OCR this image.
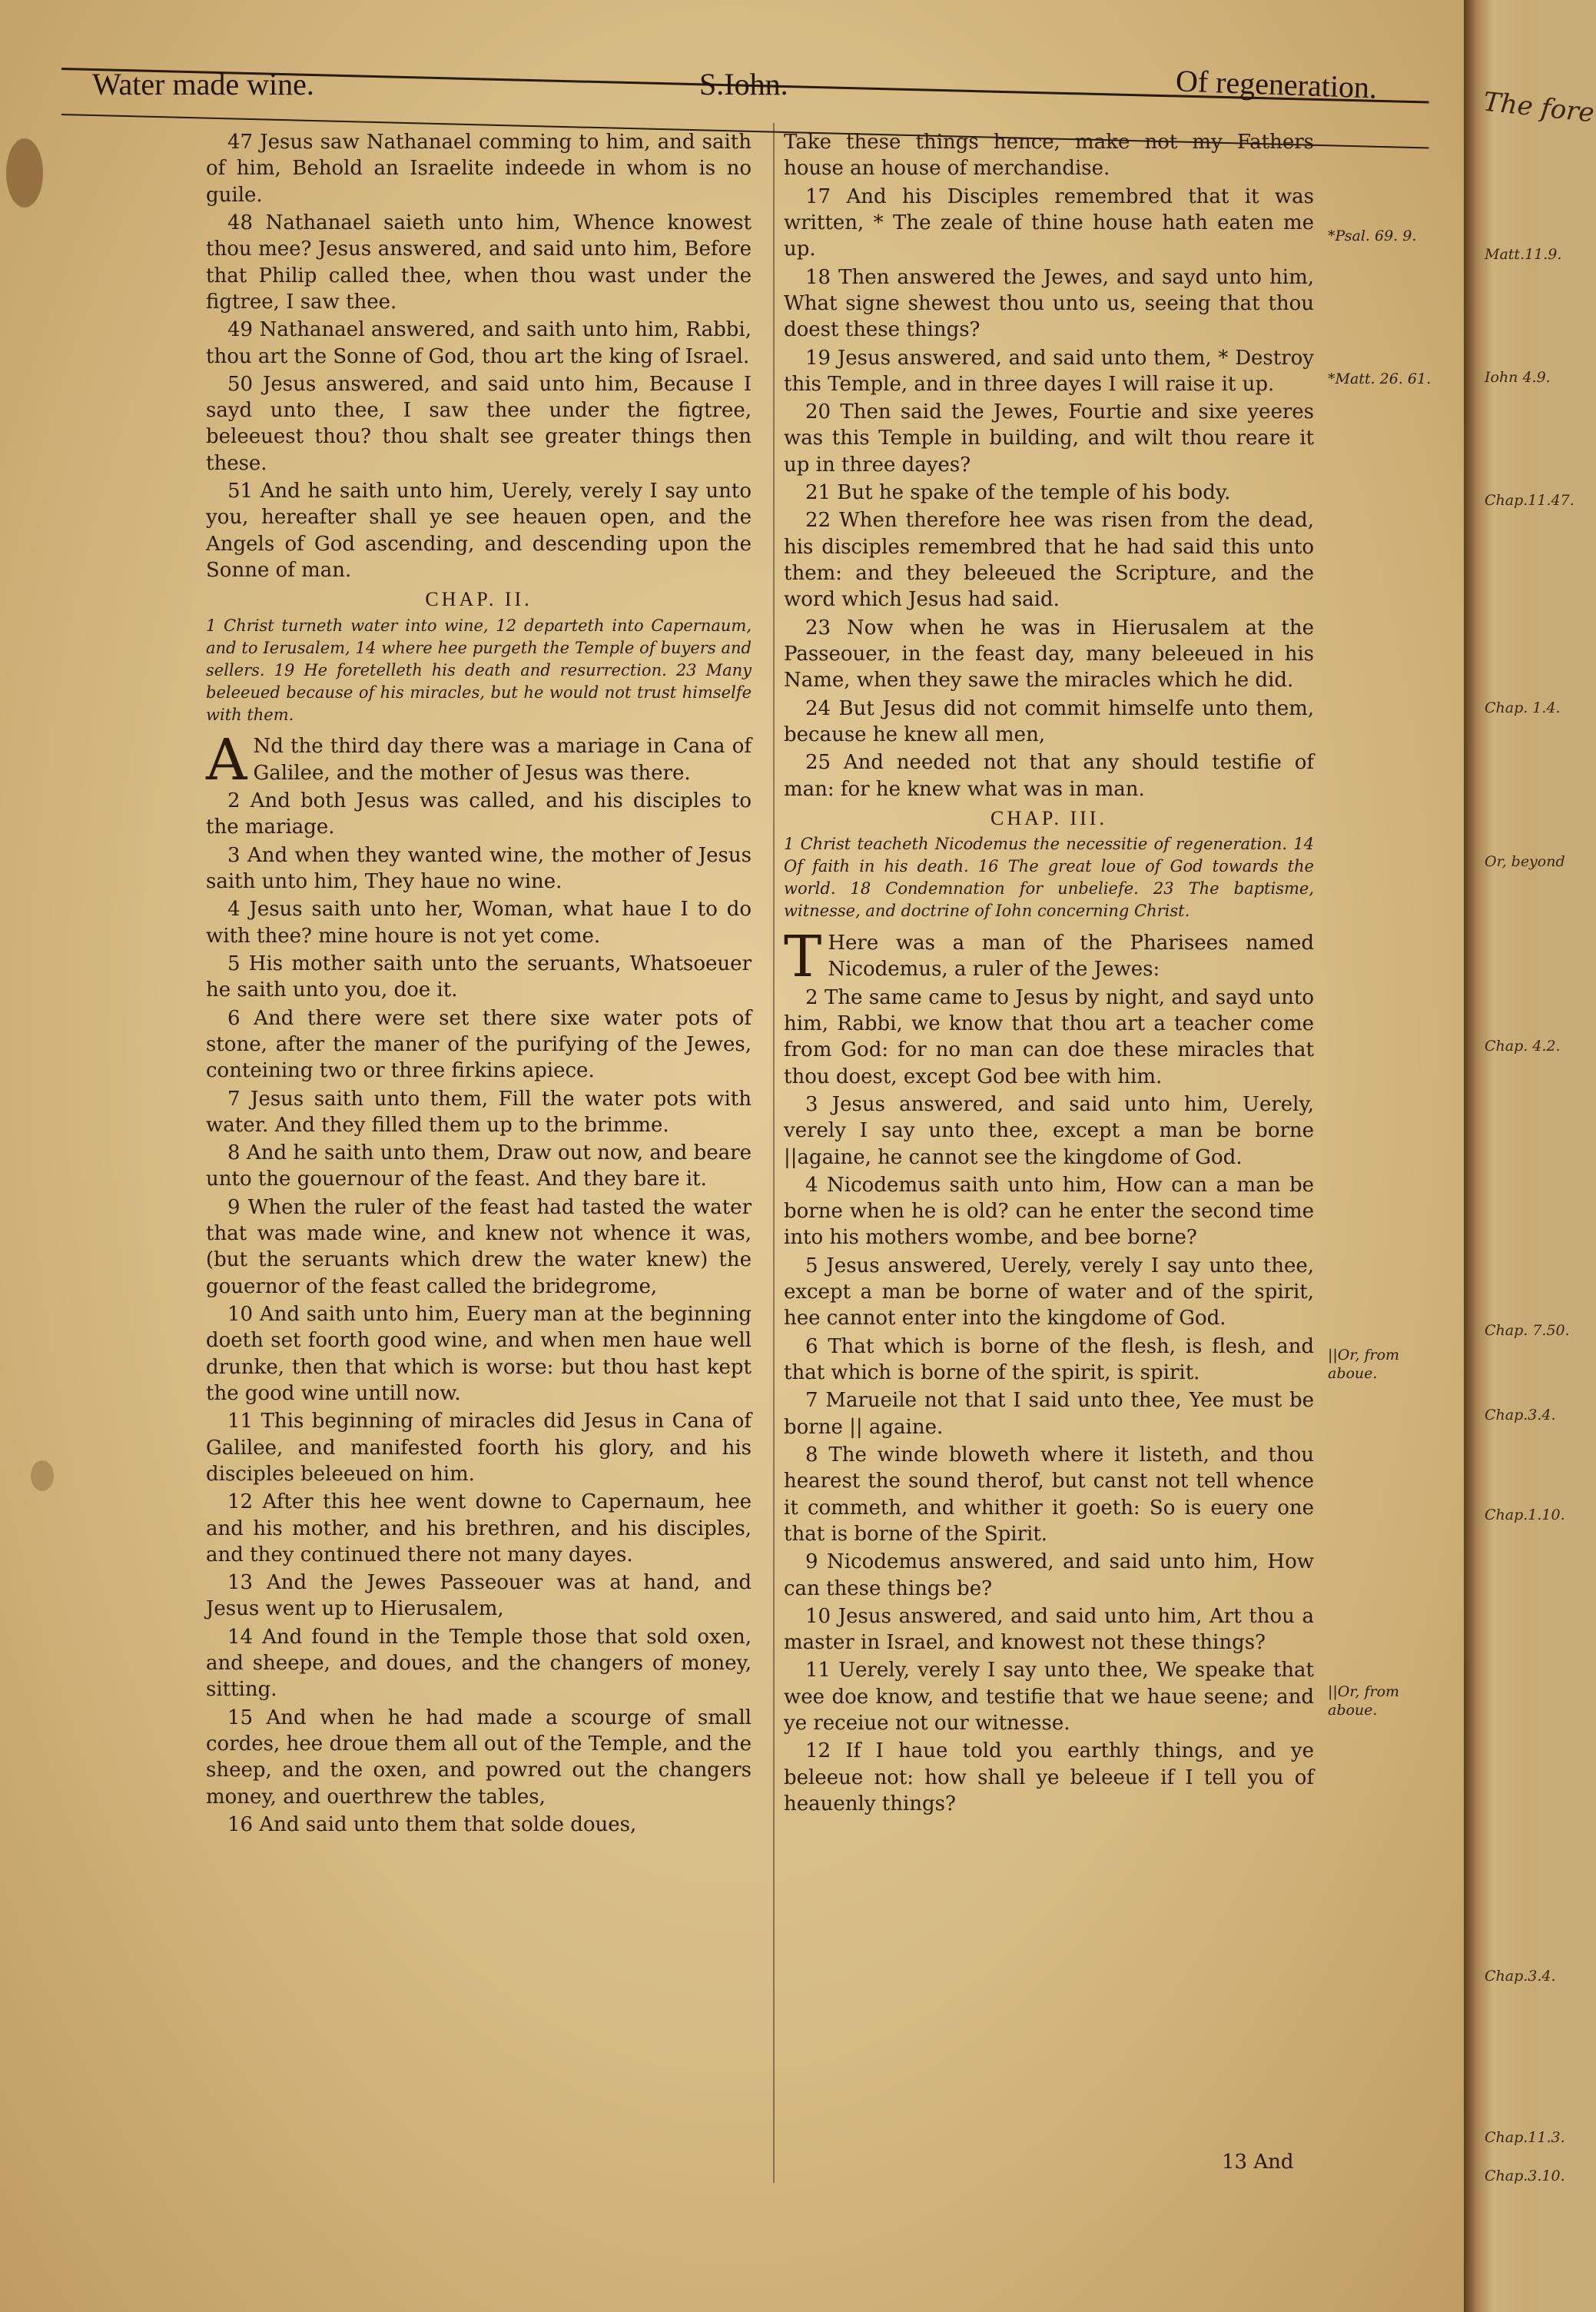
Water made wine.	S.Iohn.	Of regeneration.

47 Jesus saw Nathanael comming to him, and saith of him, Behold an Israelite indeede in whom is no guile.

48 Nathanael saieth unto him, Whence knowest thou mee? Jesus answered, and said unto him, Before that Philip called thee, when thou wast under the figtree, I saw thee.

49 Nathanael answered, and saith unto him, Rabbi, thou art the Sonne of God, thou art the king of Israel.

50 Jesus answered, and said unto him, Because I sayd unto thee, I saw thee under the figtree, beleeuest thou? thou shalt see greater things then these.

51 And he saith unto him, Uerely, verely I say unto you, hereafter shall ye see heauen open, and the Angels of God ascending, and descending upon the Sonne of man.

CHAP. II.
1 Christ turneth water into wine, 12 departeth into Capernaum, and to Ierusalem, 14 where hee purgeth the Temple of buyers and sellers. 19 He foretelleth his death and resurrection. 23 Many beleeued because of his miracles, but he would not trust himselfe with them.

A Nd the third day there was a mariage in Cana of Galilee, and the mother of Jesus was there.

2 And both Jesus was called, and his disciples to the mariage.

3 And when they wanted wine, the mother of Jesus saith unto him, They haue no wine.

4 Jesus saith unto her, Woman, what haue I to do with thee? mine houre is not yet come.

5 His mother saith unto the seruants, Whatsoeuer he saith unto you, doe it.

6 And there were set there sixe water pots of stone, after the maner of the purifying of the Jewes, conteining two or three firkins apiece.

7 Jesus saith unto them, Fill the water pots with water. And they filled them up to the brimme.

8 And he saith unto them, Draw out now, and beare unto the gouernour of the feast. And they bare it.

9 When the ruler of the feast had tasted the water that was made wine, and knew not whence it was, (but the seruants which drew the water knew) the gouernor of the feast called the bridegrome,

10 And saith unto him, Euery man at the beginning doeth set foorth good wine, and when men haue well drunke, then that which is worse: but thou hast kept the good wine untill now.

11 This beginning of miracles did Jesus in Cana of Galilee, and manifested foorth his glory, and his disciples beleeued on him.

12 After this hee went downe to Capernaum, hee and his mother, and his brethren, and his disciples, and they continued there not many dayes.

13 And the Jewes Passeouer was at hand, and Jesus went up to Hierusalem,

14 And found in the Temple those that sold oxen, and sheepe, and doues, and the changers of money, sitting.

15 And when he had made a scourge of small cordes, hee droue them all out of the Temple, and the sheep, and the oxen, and powred out the changers money, and ouerthrew the tables,

16 And said unto them that solde doues,

Take these things hence, make not my Fathers house an house of merchandise.

17 And his Disciples remembred that it was written, * The zeale of thine house hath eaten me up.

18 Then answered the Jewes, and sayd unto him, What signe shewest thou unto us, seeing that thou doest these things?

19 Jesus answered, and said unto them, * Destroy this Temple, and in three dayes I will raise it up.

20 Then said the Jewes, Fourtie and sixe yeeres was this Temple in building, and wilt thou reare it up in three dayes?

21 But he spake of the temple of his body.

22 When therefore hee was risen from the dead, his disciples remembred that he had said this unto them: and they beleeued the Scripture, and the word which Jesus had said.

23 Now when he was in Hierusalem at the Passeouer, in the feast day, many beleeued in his Name, when they sawe the miracles which he did.

24 But Jesus did not commit himselfe unto them, because he knew all men,

25 And needed not that any should testifie of man: for he knew what was in man.

CHAP. III.
1 Christ teacheth Nicodemus the necessitie of regeneration. 14 Of faith in his death. 16 The great loue of God towards the world. 18 Condemnation for unbeliefe. 23 The baptisme, witnesse, and doctrine of Iohn concerning Christ.

T Here was a man of the Pharisees named Nicodemus, a ruler of the Jewes:

2 The same came to Jesus by night, and sayd unto him, Rabbi, we know that thou art a teacher come from God: for no man can doe these miracles that thou doest, except God bee with him.

3 Jesus answered, and said unto him, Uerely, verely I say unto thee, except a man be borne ||againe, he cannot see the kingdome of God.

4 Nicodemus saith unto him, How can a man be borne when he is old? can he enter the second time into his mothers wombe, and bee borne?

5 Jesus answered, Uerely, verely I say unto thee, except a man be borne of water and of the spirit, hee cannot enter into the kingdome of God.

6 That which is borne of the flesh, is flesh, and that which is borne of the spirit, is spirit.

7 Marueile not that I said unto thee, Yee must be borne || againe.

8 The winde bloweth where it listeth, and thou hearest the sound therof, but canst not tell whence it commeth, and whither it goeth: So is euery one that is borne of the Spirit.

9 Nicodemus answered, and said unto him, How can these things be?

10 Jesus answered, and said unto him, Art thou a master in Israel, and knowest not these things?

11 Uerely, verely I say unto thee, We speake that wee doe know, and testifie that we haue seene; and ye receiue not our witnesse.

12 If I haue told you earthly things, and ye beleeue not: how shall ye beleeue if I tell you of heauenly things?

*Psal. 69. 9.
*Matt. 26. 61.
||Or, from aboue.
||Or, from aboue.
13 And
The fore
Matt.11.9.
Iohn 4.9.
Chap.11.47.
Chap. 1.4.
Or, beyond
Chap. 4.2.
Chap. 7.50.
Chap.3.4.
Chap.1.10.
Chap.3.4.
Chap.11.3.
Chap.3.10.
